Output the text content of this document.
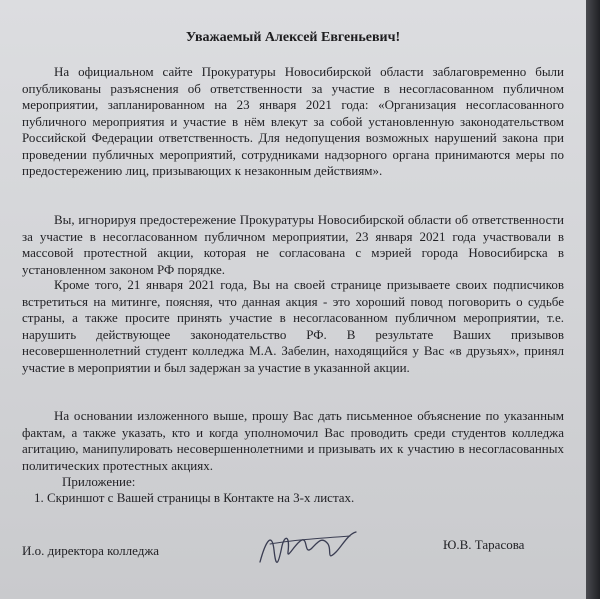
Уважаемый Алексей Евгеньевич!

На официальном сайте Прокуратуры Новосибирской области заблаговременно были опубликованы разъяснения об ответственности за участие в несогласованном публичном мероприятии, запланированном на 23 января 2021 года: «Организация несогласованного публичного мероприятия и участие в нём влекут за собой установленную законодательством Российской Федерации ответственность. Для недопущения возможных нарушений закона при проведении публичных мероприятий, сотрудниками надзорного органа принимаются меры по предостережению лиц, призывающих к незаконным действиям».

Вы, игнорируя предостережение Прокуратуры Новосибирской области об ответственности за участие в несогласованном публичном мероприятии, 23 января 2021 года участвовали в массовой протестной акции, которая не согласована с мэрией города Новосибирска в установленном законом РФ порядке.

Кроме того, 21 января 2021 года, Вы на своей странице призываете своих подписчиков встретиться на митинге, поясняя, что данная акция - это хороший повод поговорить о судьбе страны, а также просите принять участие в несогласованном публичном мероприятии, т.е. нарушить действующее законодательство РФ. В результате Ваших призывов несовершеннолетний студент колледжа М.А. Забелин, находящийся у Вас «в друзьях», принял участие в мероприятии и был задержан за участие в указанной акции.

На основании изложенного выше, прошу Вас дать письменное объяснение по указанным фактам, а также указать, кто и когда уполномочил Вас проводить среди студентов колледжа агитацию, манипулировать несовершеннолетними и призывать их к участию в несогласованных политических протестных акциях.

Приложение:
1. Скриншот с Вашей страницы в Контакте на 3-х листах.
И.о. директора колледжа	Ю.В. Тарасова
